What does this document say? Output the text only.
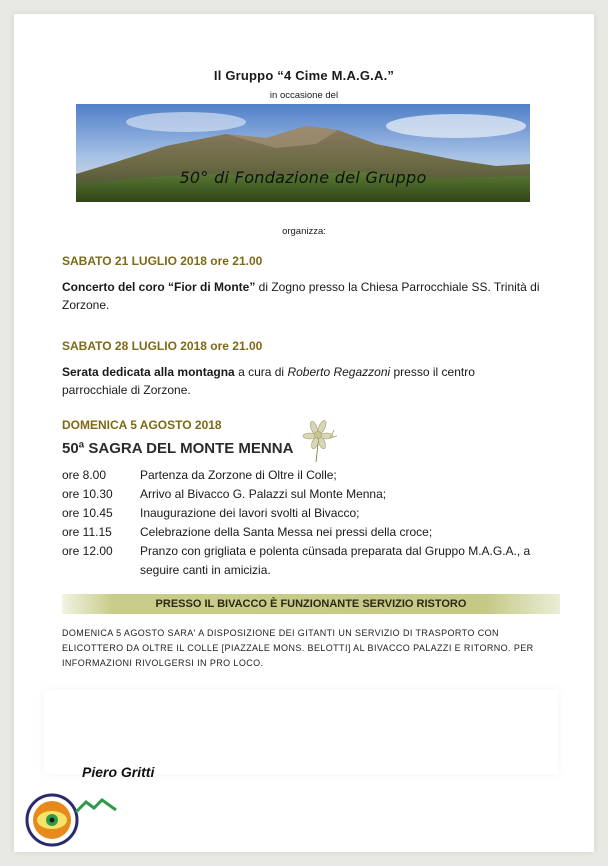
Il Gruppo “4 Cime M.A.G.A.”
in occasione del
50° di Fondazione del Gruppo
organizza:
SABATO 21 LUGLIO 2018 ore 21.00
Concerto del coro “Fior di Monte” di Zogno presso la Chiesa Parrocchiale SS. Trinità di Zorzone.
SABATO 28 LUGLIO 2018 ore 21.00
Serata dedicata alla montagna a cura di Roberto Regazzoni presso il centro parrocchiale di Zorzone.
DOMENICA 5 AGOSTO 2018
50ª SAGRA DEL MONTE MENNA
ore 8.00	Partenza da Zorzone di Oltre il Colle;
ore 10.30	Arrivo al Bivacco G. Palazzi sul Monte Menna;
ore 10.45	Inaugurazione dei lavori svolti al Bivacco;
ore 11.15	Celebrazione della Santa Messa nei pressi della croce;
ore 12.00	Pranzo con grigliata e polenta cünsada preparata dal Gruppo M.A.G.A., a seguire canti in amicizia.
PRESSO IL BIVACCO È FUNZIONANTE SERVIZIO RISTORO
DOMENICA 5 AGOSTO SARA' A DISPOSIZIONE DEI GITANTI UN SERVIZIO DI TRASPORTO CON ELICOTTERO DA OLTRE IL COLLE [PIAZZALE MONS. BELOTTI] AL BIVACCO PALAZZI E RITORNO. PER INFORMAZIONI RIVOLGERSI IN PRO LOCO.
Piero Gritti
